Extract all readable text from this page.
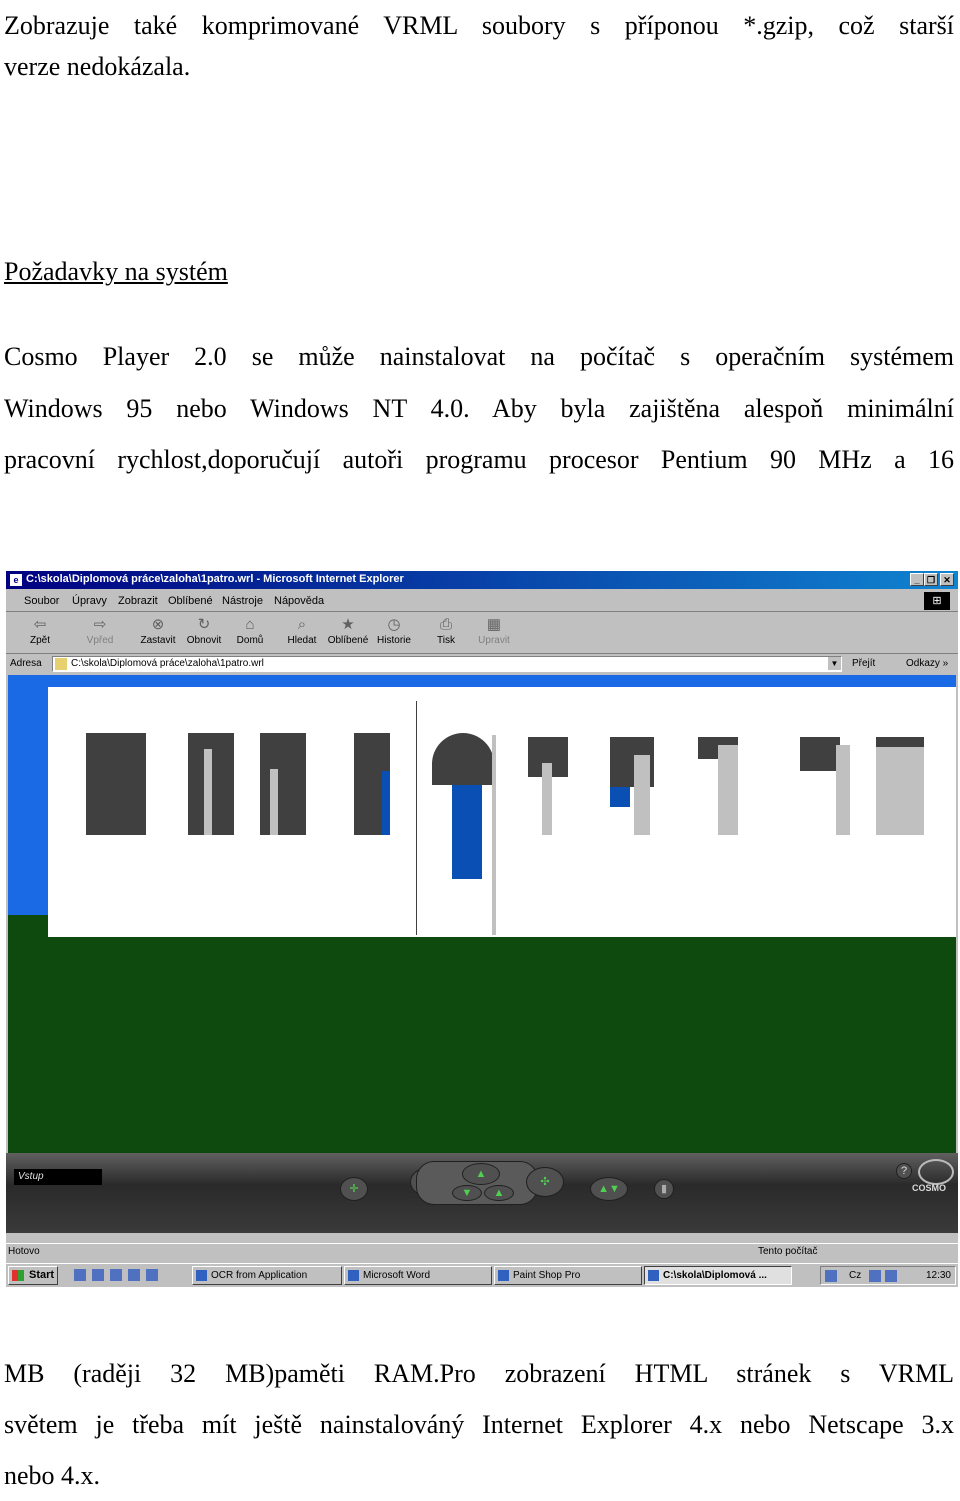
Zobrazuje také komprimované VRML soubory s příponou *.gzip, což starší

verze nedokázala.

Požadavky na systém

Cosmo Player 2.0 se může nainstalovat na počítač s operačním systémem

Windows 95 nebo Windows NT 4.0. Aby byla zajištěna alespoň minimální

pracovní rychlost,doporučují autoři programu procesor Pentium 90 MHz a 16

e C:\skola\Diplomová práce\zaloha\1patro.wrl - Microsoft Internet Explorer	_ ❐ ✕
Soubor Úpravy Zobrazit Oblíbené Nástroje Nápověda	⊞
⇦
Zpět
⇨
Vpřed
⊗
Zastavit
↻
Obnovit
⌂
Domů
⌕
Hledat
★
Oblíbené
◷
Historie
⎙
Tisk
▦
Upravit
Adresa	C:\skola\Diplomová práce\zaloha\1patro.wrl	▼ Přejít	Odkazy »
Vstup
✛
▲
▼	▲
✣
▲▼	▮
?
COSMO
Hotovo	Tento počítač
Start	OCR from Application	Microsoft Word	Paint Shop Pro	C:\skola\Diplomová ...	Cz	12:30

MB (raději 32 MB)paměti RAM.Pro zobrazení HTML stránek s VRML

světem je třeba mít ještě nainstalováný Internet Explorer 4.x nebo Netscape 3.x

nebo 4.x.
